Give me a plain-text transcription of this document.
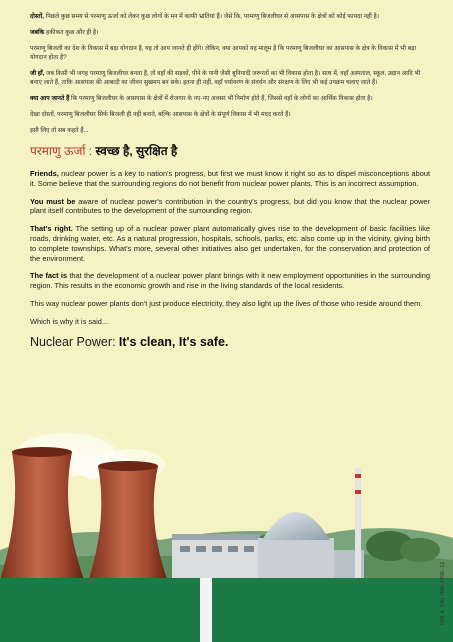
दोस्तों, पिछले कुछ समय से परमाणु ऊर्जा को लेकर कुछ लोगों के मन में काफी भ्रांतियां हैं। जैसे कि, परमाणु बिजलीघर से आसपास के क्षेत्रों को कोई फायदा नहीं है।

जबकि हकीकत कुछ और ही है।

परमाणु बिजली का देश के विकास में बड़ा योगदान है, यह तो आप जानते ही होंगे। लेकिन, क्या आपको यह मालूम है कि परमाणु बिजलीघर का आसपास के क्षेत्र के विकास में भी बड़ा योगदान होता है?

जी हाँ, जब किसी भी जगह परमाणु बिजलीघर बनता है, तो वहाँ की सड़कों, पीने के पानी जैसी बुनियादी जरूरतों का भी विकास होता है। साथ में, वहाँ अस्पताल, स्कूल, उद्यान आदि भी बनाए जाते हैं, ताकि आसपास की आबादी का जीवन सुखमय बन सके। इतना ही नहीं, वहाँ पर्यावरण के संवर्धन और संरक्षण के लिए भी कई उपक्रम चलाए जाते हैं।

क्या आप जानते हैं कि परमाणु बिजलीघर के आसपास के क्षेत्रों में रोजगार के नए-नए अवसर भी निर्माण होते हैं, जिससे वहाँ के लोगों का आर्थिक विकास होता है।

देखा दोस्तों, परमाणु बिजलीघर सिर्फ बिजली ही नहीं बनाते, बल्कि आसपास के क्षेत्रों के संपूर्ण विकास में भी मदद करते हैं।

इसी लिए तो सब कहते हैं...

परमाणु ऊर्जा : स्वच्छ है, सुरक्षित है

Friends, nuclear power is a key to nation's progress, but first we must know it right so as to dispel misconceptions about it. Some believe that the surrounding regions do not benefit from nuclear power plants. This is an incorrect assumption.

You must be aware of nuclear power's contribution in the country's progress, but did you know that the nuclear power plant itself contributes to the development of the surrounding region.

That's right. The setting up of a nuclear power plant automatically gives rise to the development of basic facilities like roads, drinking water, etc. As a natural progression, hospitals, schools, parks, etc. also come up in the vicinity, giving birth to complete townships. What's more, several other initiatives also get undertaken, for the conservation and protection of the environment.

The fact is that the development of a nuclear power plant brings with it new employment opportunities in the surrounding region. This results in the economic growth and rise in the living standards of the local residents.

This way nuclear power plants don't just produce electricity, they also light up the lives of those who reside around them.

Which is why it is said...

Nuclear Power: It's clean, It's safe.
HIN & ENG-HOW-1996-12
